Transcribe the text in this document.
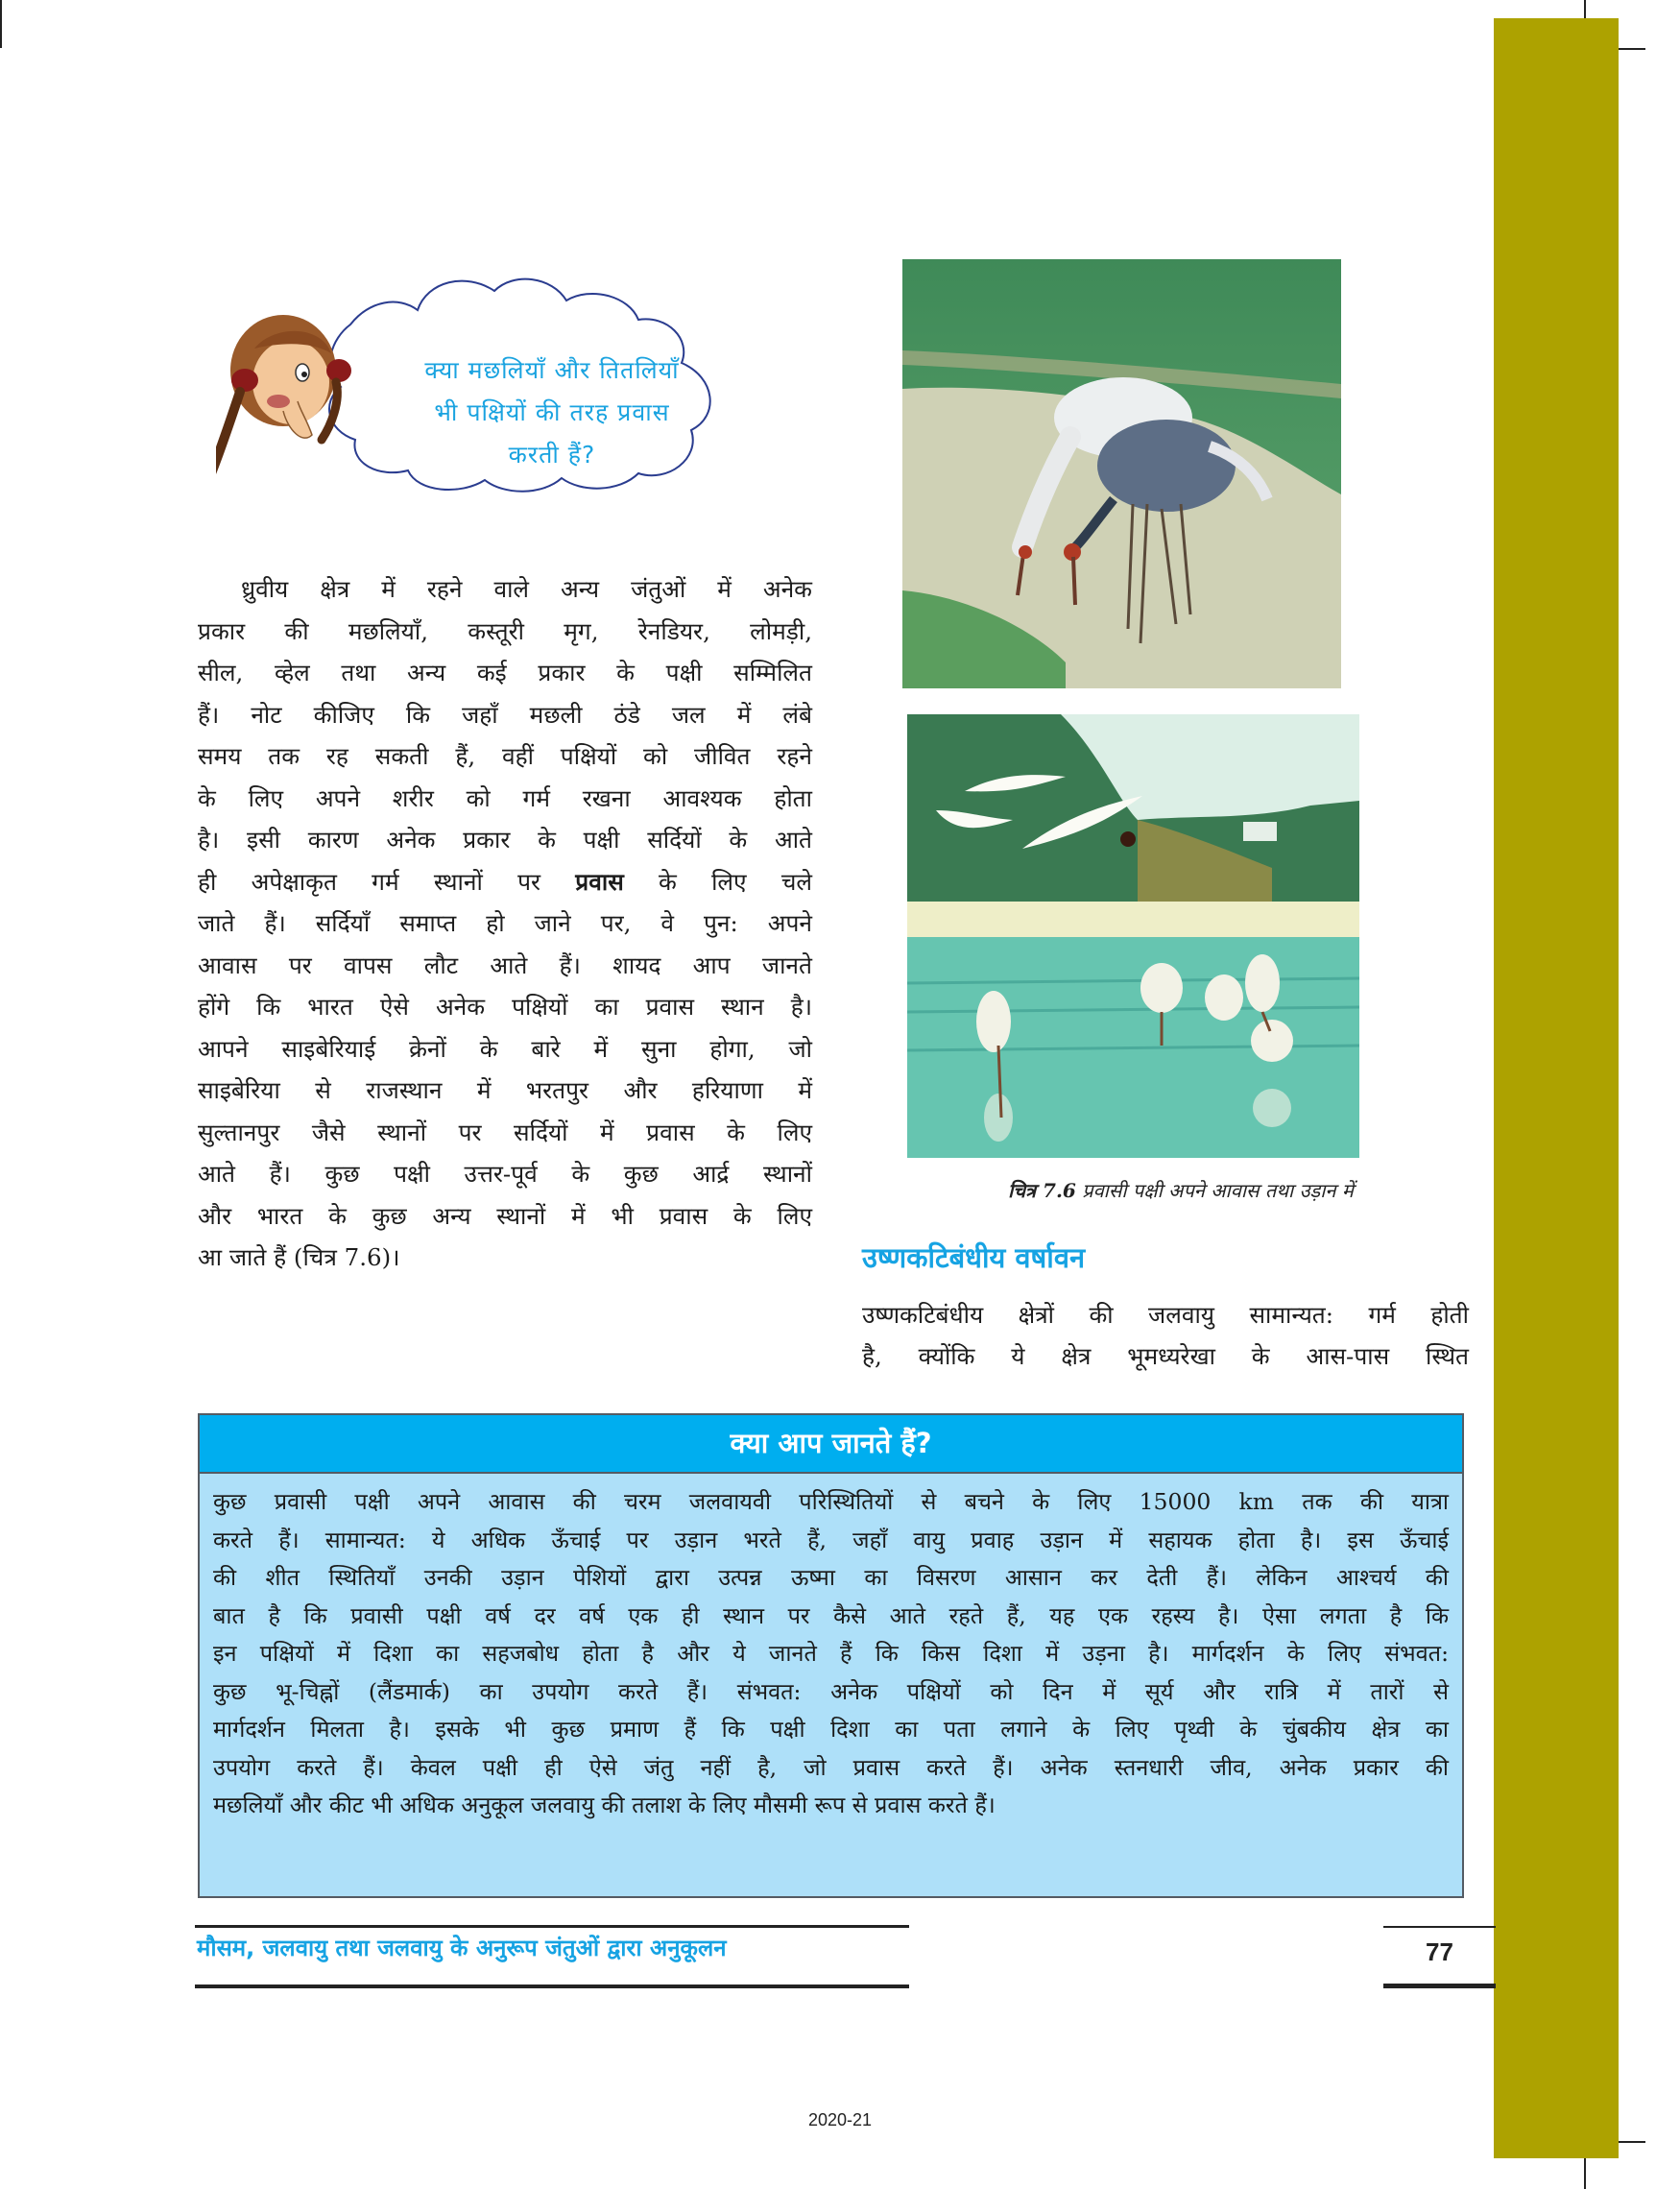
क्या मछलियाँ और तितलियाँ
भी पक्षियों की तरह प्रवास
करती हैं?
ध्रुवीय क्षेत्र में रहने वाले अन्य जंतुओं में अनेक
प्रकार की मछलियाँ, कस्तूरी मृग, रेनडियर, लोमड़ी,
सील, व्हेल तथा अन्य कई प्रकार के पक्षी सम्मिलित
हैं। नोट कीजिए कि जहाँ मछली ठंडे जल में लंबे
समय तक रह सकती हैं, वहीं पक्षियों को जीवित रहने
के लिए अपने शरीर को गर्म रखना आवश्यक होता
है। इसी कारण अनेक प्रकार के पक्षी सर्दियों के आते
ही अपेक्षाकृत गर्म स्थानों पर प्रवास के लिए चले
जाते हैं। सर्दियाँ समाप्त हो जाने पर, वे पुन: अपने
आवास पर वापस लौट आते हैं। शायद आप जानते
होंगे कि भारत ऐसे अनेक पक्षियों का प्रवास स्थान है।
आपने साइबेरियाई क्रेनों के बारे में सुना होगा, जो
साइबेरिया से राजस्थान में भरतपुर और हरियाणा में
सुल्तानपुर जैसे स्थानों पर सर्दियों में प्रवास के लिए
आते हैं। कुछ पक्षी उत्तर-पूर्व के कुछ आर्द्र स्थानों
और भारत के कुछ अन्य स्थानों में भी प्रवास के लिए
आ जाते हैं (चित्र 7.6)।
चित्र 7.6 प्रवासी पक्षी अपने आवास तथा उड़ान में
उष्णकटिबंधीय वर्षावन
उष्णकटिबंधीय क्षेत्रों की जलवायु सामान्यत: गर्म होती
है, क्योंकि ये क्षेत्र भूमध्यरेखा के आस-पास स्थित
क्या आप जानते हैं?
कुछ प्रवासी पक्षी अपने आवास की चरम जलवायवी परिस्थितियों से बचने के लिए 15000 km तक की यात्रा
करते हैं। सामान्यत: ये अधिक ऊँचाई पर उड़ान भरते हैं, जहाँ वायु प्रवाह उड़ान में सहायक होता है। इस ऊँचाई
की शीत स्थितियाँ उनकी उड़ान पेशियों द्वारा उत्पन्न ऊष्मा का विसरण आसान कर देती हैं। लेकिन आश्चर्य की
बात है कि प्रवासी पक्षी वर्ष दर वर्ष एक ही स्थान पर कैसे आते रहते हैं, यह एक रहस्य है। ऐसा लगता है कि
इन पक्षियों में दिशा का सहजबोध होता है और ये जानते हैं कि किस दिशा में उड़ना है। मार्गदर्शन के लिए संभवत:
कुछ भू-चिह्नों (लैंडमार्क) का उपयोग करते हैं। संभवत: अनेक पक्षियों को दिन में सूर्य और रात्रि में तारों से
मार्गदर्शन मिलता है। इसके भी कुछ प्रमाण हैं कि पक्षी दिशा का पता लगाने के लिए पृथ्वी के चुंबकीय क्षेत्र का
उपयोग करते हैं। केवल पक्षी ही ऐसे जंतु नहीं है, जो प्रवास करते हैं। अनेक स्तनधारी जीव, अनेक प्रकार की
मछलियाँ और कीट भी अधिक अनुकूल जलवायु की तलाश के लिए मौसमी रूप से प्रवास करते हैं।
मौसम, जलवायु तथा जलवायु के अनुरूप जंतुओं द्वारा अनुकूलन	77
2020-21
